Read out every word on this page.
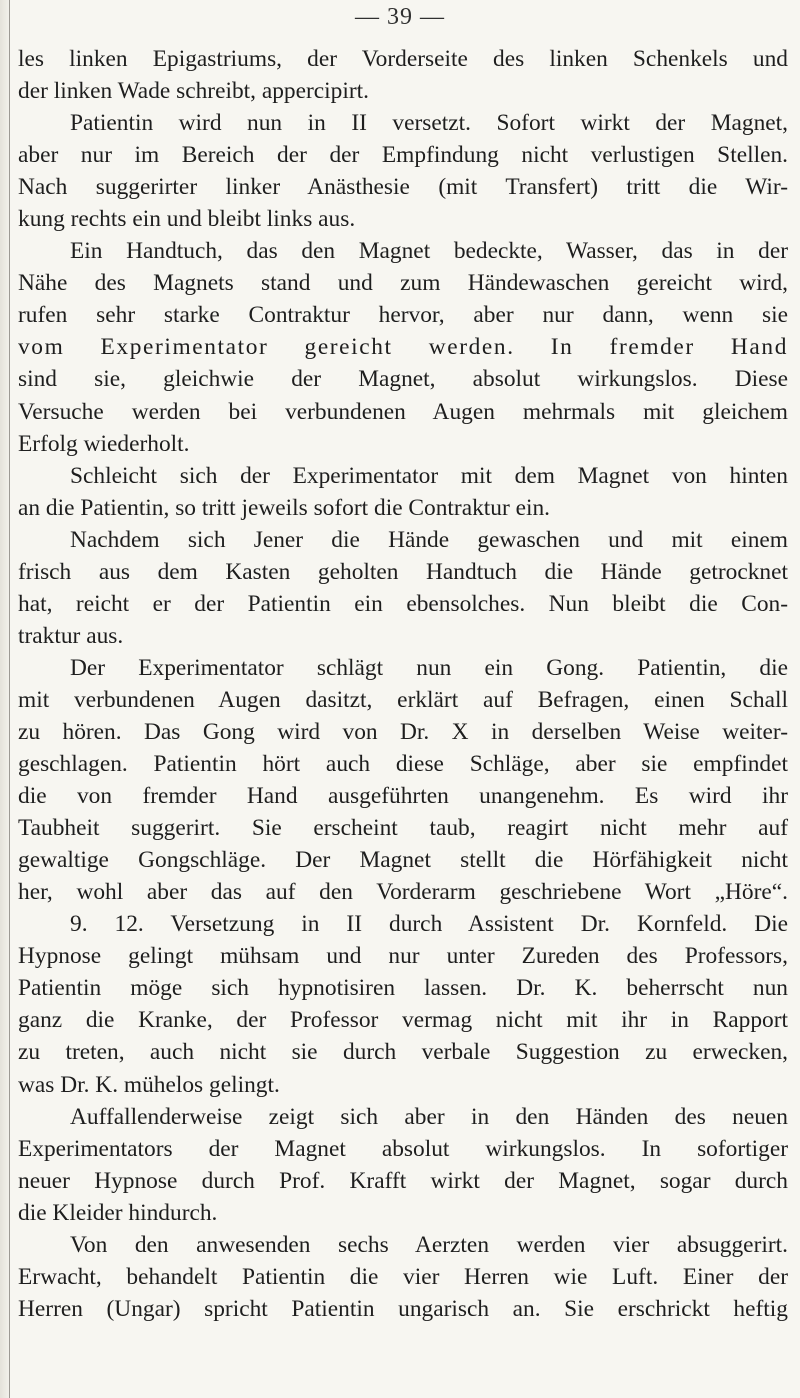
— 39 —
les linken Epigastriums, der Vorderseite des linken Schenkels und
der linken Wade schreibt, appercipirt.
Patientin wird nun in II versetzt. Sofort wirkt der Magnet,
aber nur im Bereich der der Empfindung nicht verlustigen Stellen.
Nach suggerirter linker Anästhesie (mit Transfert) tritt die Wir-
kung rechts ein und bleibt links aus.
Ein Handtuch, das den Magnet bedeckte, Wasser, das in der
Nähe des Magnets stand und zum Händewaschen gereicht wird,
rufen sehr starke Contraktur hervor, aber nur dann, wenn sie
vom Experimentator gereicht werden. In fremder Hand
sind sie, gleichwie der Magnet, absolut wirkungslos. Diese
Versuche werden bei verbundenen Augen mehrmals mit gleichem
Erfolg wiederholt.
Schleicht sich der Experimentator mit dem Magnet von hinten
an die Patientin, so tritt jeweils sofort die Contraktur ein.
Nachdem sich Jener die Hände gewaschen und mit einem
frisch aus dem Kasten geholten Handtuch die Hände getrocknet
hat, reicht er der Patientin ein ebensolches. Nun bleibt die Con-
traktur aus.
Der Experimentator schlägt nun ein Gong. Patientin, die
mit verbundenen Augen dasitzt, erklärt auf Befragen, einen Schall
zu hören. Das Gong wird von Dr. X in derselben Weise weiter-
geschlagen. Patientin hört auch diese Schläge, aber sie empfindet
die von fremder Hand ausgeführten unangenehm. Es wird ihr
Taubheit suggerirt. Sie erscheint taub, reagirt nicht mehr auf
gewaltige Gongschläge. Der Magnet stellt die Hörfähigkeit nicht
her, wohl aber das auf den Vorderarm geschriebene Wort „Höre“.
9. 12. Versetzung in II durch Assistent Dr. Kornfeld. Die
Hypnose gelingt mühsam und nur unter Zureden des Professors,
Patientin möge sich hypnotisiren lassen. Dr. K. beherrscht nun
ganz die Kranke, der Professor vermag nicht mit ihr in Rapport
zu treten, auch nicht sie durch verbale Suggestion zu erwecken,
was Dr. K. mühelos gelingt.
Auffallenderweise zeigt sich aber in den Händen des neuen
Experimentators der Magnet absolut wirkungslos. In sofortiger
neuer Hypnose durch Prof. Krafft wirkt der Magnet, sogar durch
die Kleider hindurch.
Von den anwesenden sechs Aerzten werden vier absuggerirt.
Erwacht, behandelt Patientin die vier Herren wie Luft. Einer der
Herren (Ungar) spricht Patientin ungarisch an. Sie erschrickt heftig
